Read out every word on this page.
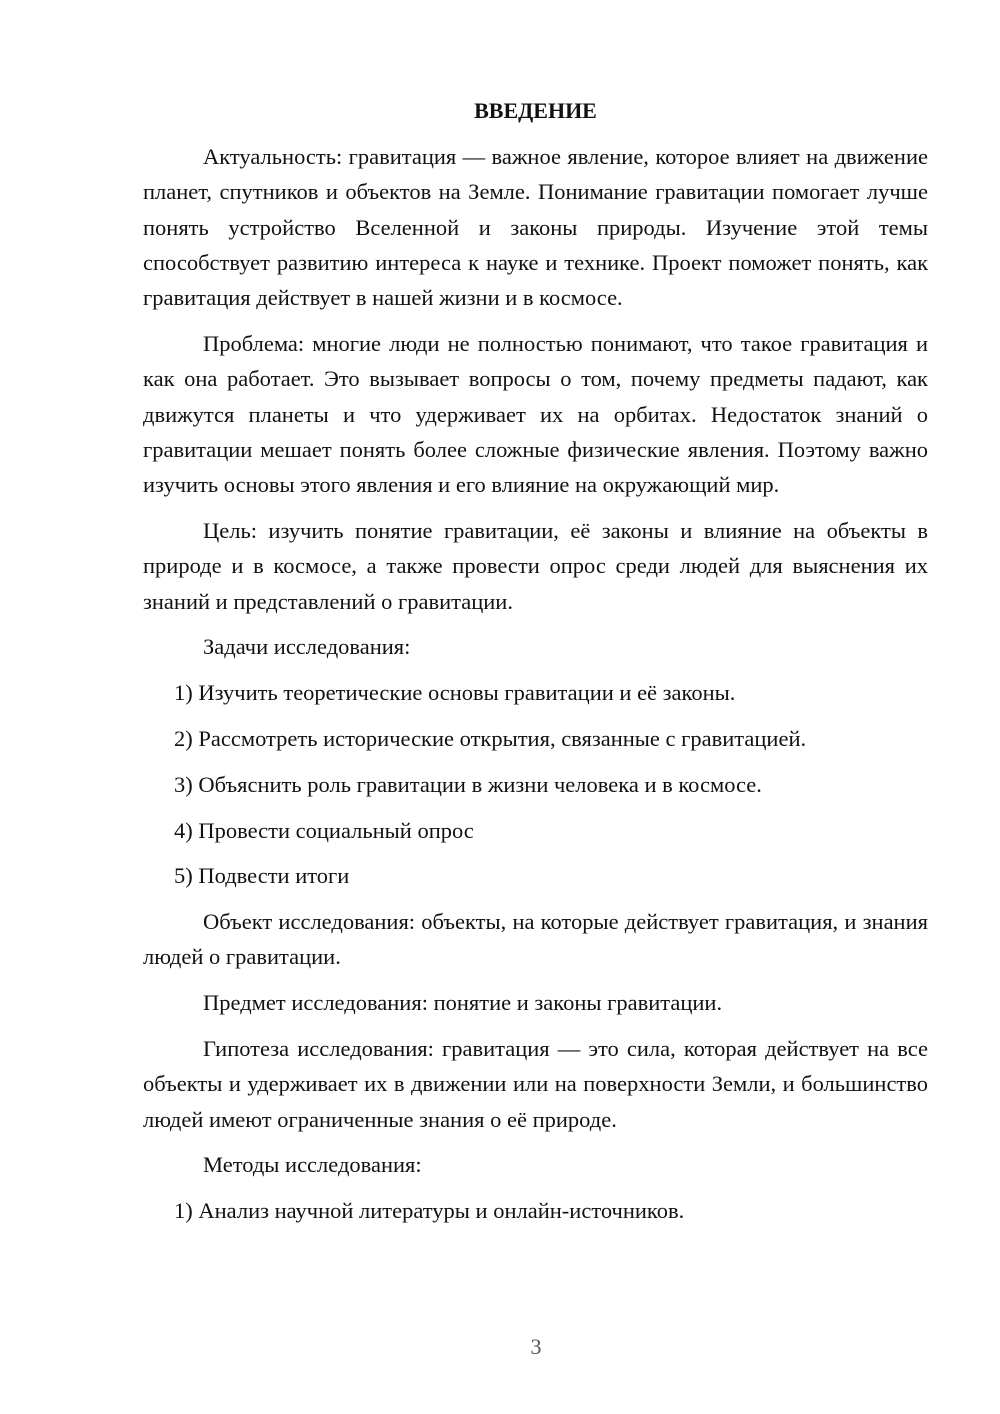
ВВЕДЕНИЕ

Актуальность: гравитация — важное явление, которое влияет на движение планет, спутников и объектов на Земле. Понимание гравитации помогает лучше понять устройство Вселенной и законы природы. Изучение этой темы способствует развитию интереса к науке и технике. Проект поможет понять, как гравитация действует в нашей жизни и в космосе.

Проблема: многие люди не полностью понимают, что такое гравитация и как она работает. Это вызывает вопросы о том, почему предметы падают, как движутся планеты и что удерживает их на орбитах. Недостаток знаний о гравитации мешает понять более сложные физические явления. Поэтому важно изучить основы этого явления и его влияние на окружающий мир.

Цель: изучить понятие гравитации, её законы и влияние на объекты в природе и в космосе, а также провести опрос среди людей для выяснения их знаний и представлений о гравитации.

Задачи исследования:

1) Изучить теоретические основы гравитации и её законы.

2) Рассмотреть исторические открытия, связанные с гравитацией.

3) Объяснить роль гравитации в жизни человека и в космосе.

4) Провести социальный опрос

5) Подвести итоги

Объект исследования: объекты, на которые действует гравитация, и знания людей о гравитации.

Предмет исследования: понятие и законы гравитации.

Гипотеза исследования: гравитация — это сила, которая действует на все объекты и удерживает их в движении или на поверхности Земли, и большинство людей имеют ограниченные знания о её природе.

Методы исследования:

1) Анализ научной литературы и онлайн-источников.

3
